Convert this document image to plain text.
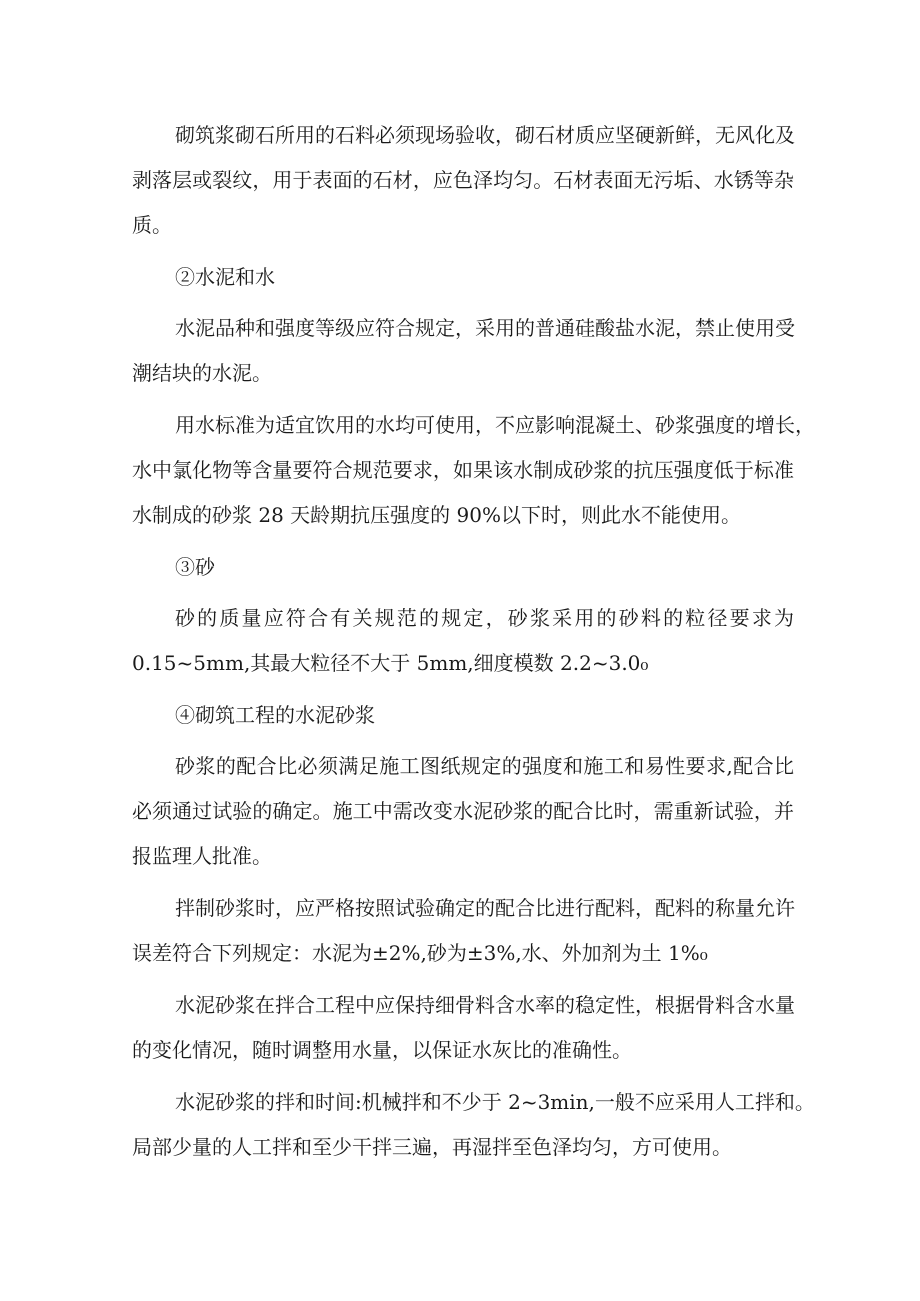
砌筑浆砌石所用的石料必须现场验收，砌石材质应坚硬新鲜，无风化及

剥落层或裂纹，用于表面的石材，应色泽均匀。石材表面无污垢、水锈等杂

质。

②水泥和水

水泥品种和强度等级应符合规定，采用的普通硅酸盐水泥，禁止使用受

潮结块的水泥。

用水标准为适宜饮用的水均可使用，不应影响混凝土、砂浆强度的增长，

水中氯化物等含量要符合规范要求，如果该水制成砂浆的抗压强度低于标准

水制成的砂浆 28 天龄期抗压强度的 90%以下时，则此水不能使用。

③砂

砂的质量应符合有关规范的规定，砂浆采用的砂料的粒径要求为

0.15~5mm,其最大粒径不大于 5mm,细度模数 2.2~3.0₀

④砌筑工程的水泥砂浆

砂浆的配合比必须满足施工图纸规定的强度和施工和易性要求,配合比

必须通过试验的确定。施工中需改变水泥砂浆的配合比时，需重新试验，并

报监理人批准。

拌制砂浆时，应严格按照试验确定的配合比进行配料，配料的称量允许

误差符合下列规定：水泥为±2%,砂为±3%,水、外加剂为土 1%₀

水泥砂浆在拌合工程中应保持细骨料含水率的稳定性，根据骨料含水量

的变化情况，随时调整用水量，以保证水灰比的准确性。

水泥砂浆的拌和时间:机械拌和不少于 2~3min,一般不应采用人工拌和。

局部少量的人工拌和至少干拌三遍，再湿拌至色泽均匀，方可使用。
